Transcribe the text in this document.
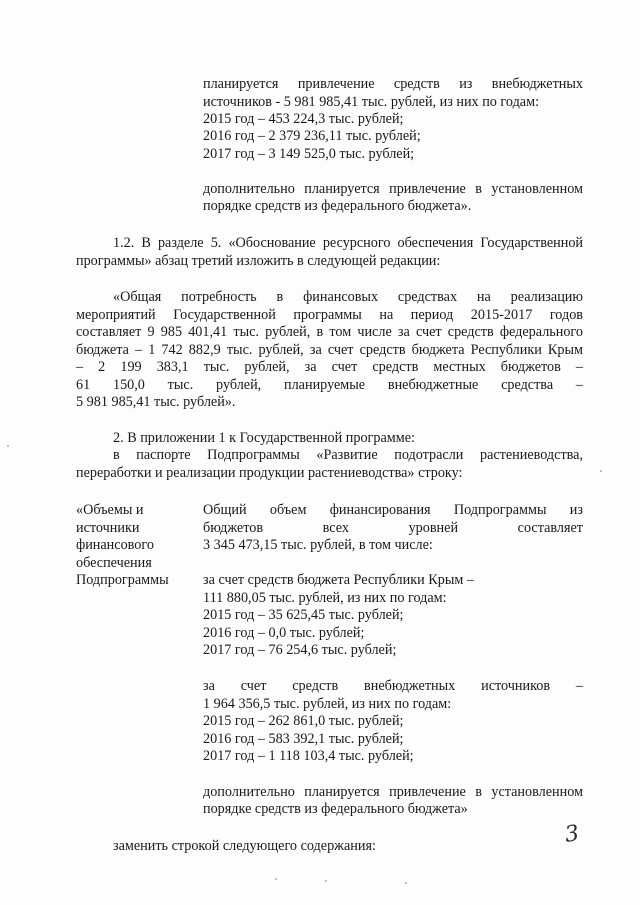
планируется привлечение средств из внебюджетных
источников - 5 981 985,41 тыс. рублей, из них по годам:
2015 год – 453 224,3 тыс. рублей;
2016 год – 2 379 236,11 тыс. рублей;
2017 год – 3 149 525,0 тыс. рублей;
дополнительно планируется привлечение в установленном
порядке средств из федерального бюджета».
1.2. В разделе 5. «Обоснование ресурсного обеспечения Государственной
программы» абзац третий изложить в следующей редакции:
«Общая потребность в финансовых средствах на реализацию
мероприятий Государственной программы на период 2015-2017 годов
составляет 9 985 401,41 тыс. рублей, в том числе за счет средств федерального
бюджета – 1 742 882,9 тыс. рублей, за счет средств бюджета Республики Крым
– 2 199 383,1 тыс. рублей, за счет средств местных бюджетов –
61 150,0 тыс. рублей, планируемые внебюджетные средства –
5 981 985,41 тыс. рублей».
2. В приложении 1 к Государственной программе:
в паспорте Подпрограммы «Развитие подотрасли растениеводства,
переработки и реализации продукции растениеводства» строку:
«Объемы и
источники
финансового
обеспечения
Подпрограммы
Общий объем финансирования Подпрограммы из
бюджетов всех уровней составляет
3 345 473,15 тыс. рублей, в том числе:
за счет средств бюджета Республики Крым –
111 880,05 тыс. рублей, из них по годам:
2015 год – 35 625,45 тыс. рублей;
2016 год – 0,0 тыс. рублей;
2017 год – 76 254,6 тыс. рублей;
за счет средств внебюджетных источников –
1 964 356,5 тыс. рублей, из них по годам:
2015 год – 262 861,0 тыс. рублей;
2016 год – 583 392,1 тыс. рублей;
2017 год – 1 118 103,4 тыс. рублей;
дополнительно планируется привлечение в установленном
порядке средств из федерального бюджета»
заменить строкой следующего содержания:	3
